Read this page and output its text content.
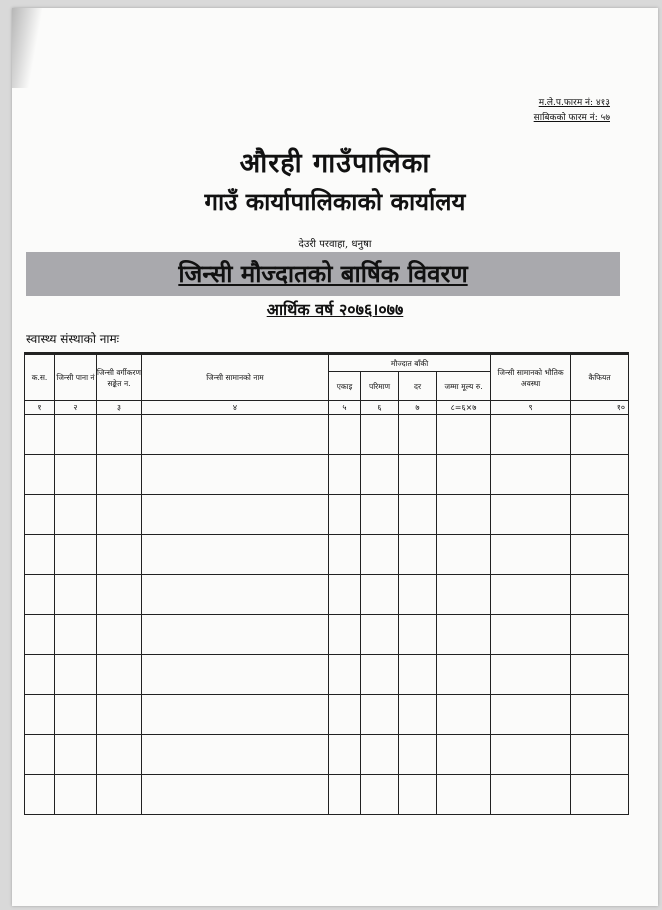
म.ले.प.फारम नं: ४१३
साबिकको फारम नं: ५७
औरही गाउँपालिका
गाउँ कार्यापालिकाको कार्यालय
देउरी परवाहा, धनुषा
जिन्सी मौज्दातको बार्षिक विवरण
आर्थिक वर्ष २०७६।०७७
स्वास्थ्य संस्थाको नामः
क.स.	जिन्सी पाना नं	जिन्सी वर्गीकरण सङ्केत न.	जिन्सी सामानको नाम	मौज्दात बाँकी				जिन्सी सामानको भौतिक अवस्था	कैफियत
				एकाइ	परिमाण	दर	जम्मा मूल्य रु.		
१	२	३	४	५	६	७	८=६×७	९	१०
